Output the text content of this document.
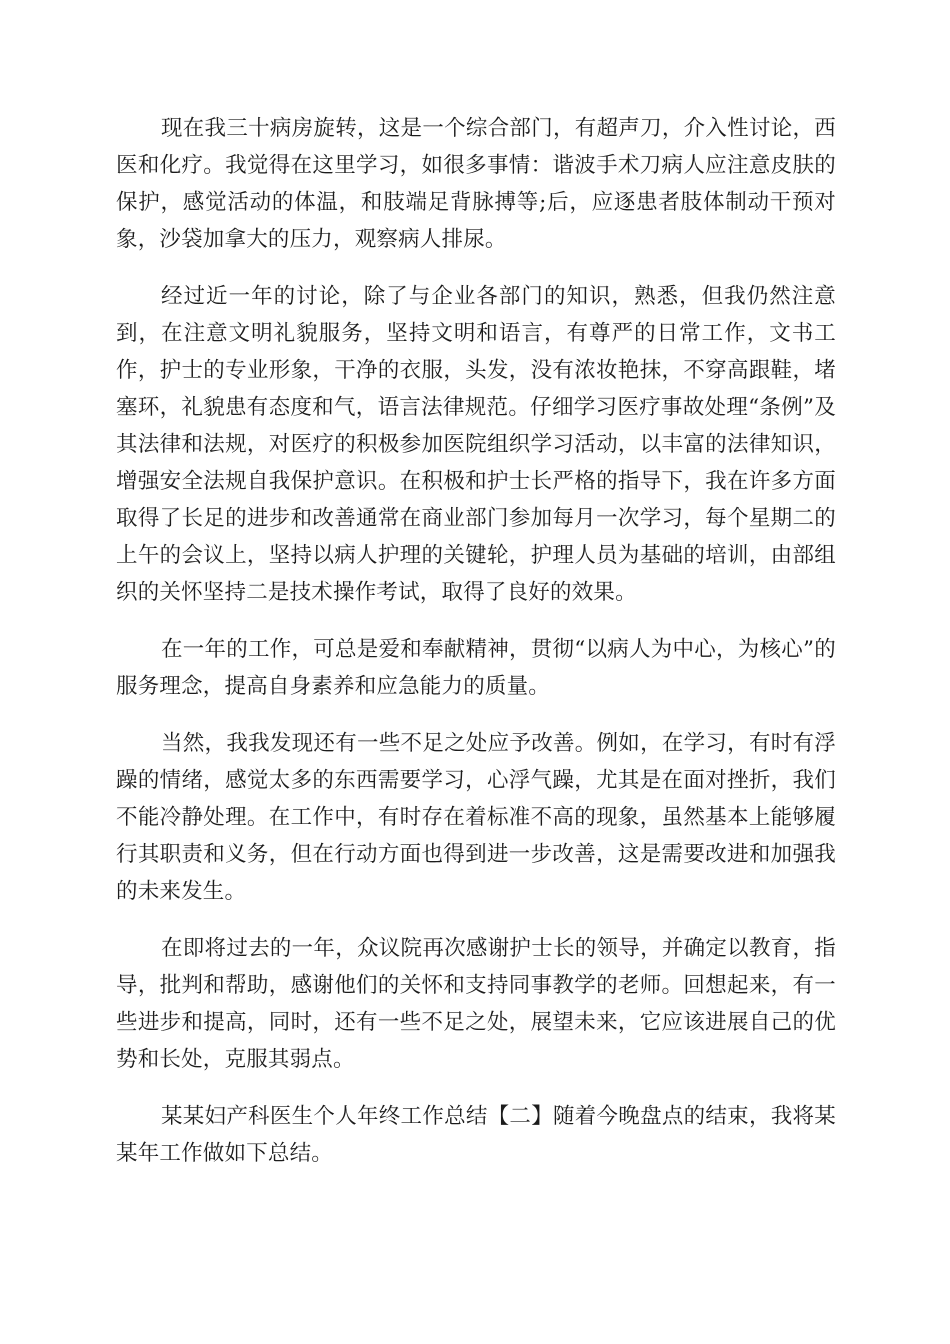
现在我三十病房旋转，这是一个综合部门，有超声刀，介入性讨论，西医和化疗。我觉得在这里学习，如很多事情：谐波手术刀病人应注意皮肤的保护，感觉活动的体温，和肢端足背脉搏等;后，应逐患者肢体制动干预对象，沙袋加拿大的压力，观察病人排尿。

经过近一年的讨论，除了与企业各部门的知识，熟悉，但我仍然注意到，在注意文明礼貌服务，坚持文明和语言，有尊严的日常工作，文书工作，护士的专业形象，干净的衣服，头发，没有浓妆艳抹，不穿高跟鞋，堵塞环，礼貌患有态度和气，语言法律规范。仔细学习医疗事故处理“条例”及其法律和法规，对医疗的积极参加医院组织学习活动，以丰富的法律知识，增强安全法规自我保护意识。在积极和护士长严格的指导下，我在许多方面取得了长足的进步和改善通常在商业部门参加每月一次学习，每个星期二的上午的会议上，坚持以病人护理的关键轮，护理人员为基础的培训，由部组织的关怀坚持二是技术操作考试，取得了良好的效果。

在一年的工作，可总是爱和奉献精神，贯彻“以病人为中心，为核心”的服务理念，提高自身素养和应急能力的质量。

当然，我我发现还有一些不足之处应予改善。例如，在学习，有时有浮躁的情绪，感觉太多的东西需要学习，心浮气躁，尤其是在面对挫折，我们不能冷静处理。在工作中，有时存在着标准不高的现象，虽然基本上能够履行其职责和义务，但在行动方面也得到进一步改善，这是需要改进和加强我的未来发生。

在即将过去的一年，众议院再次感谢护士长的领导，并确定以教育，指导，批判和帮助，感谢他们的关怀和支持同事教学的老师。回想起来，有一些进步和提高，同时，还有一些不足之处，展望未来，它应该进展自己的优势和长处，克服其弱点。

某某妇产科医生个人年终工作总结【二】随着今晚盘点的结束，我将某某年工作做如下总结。
